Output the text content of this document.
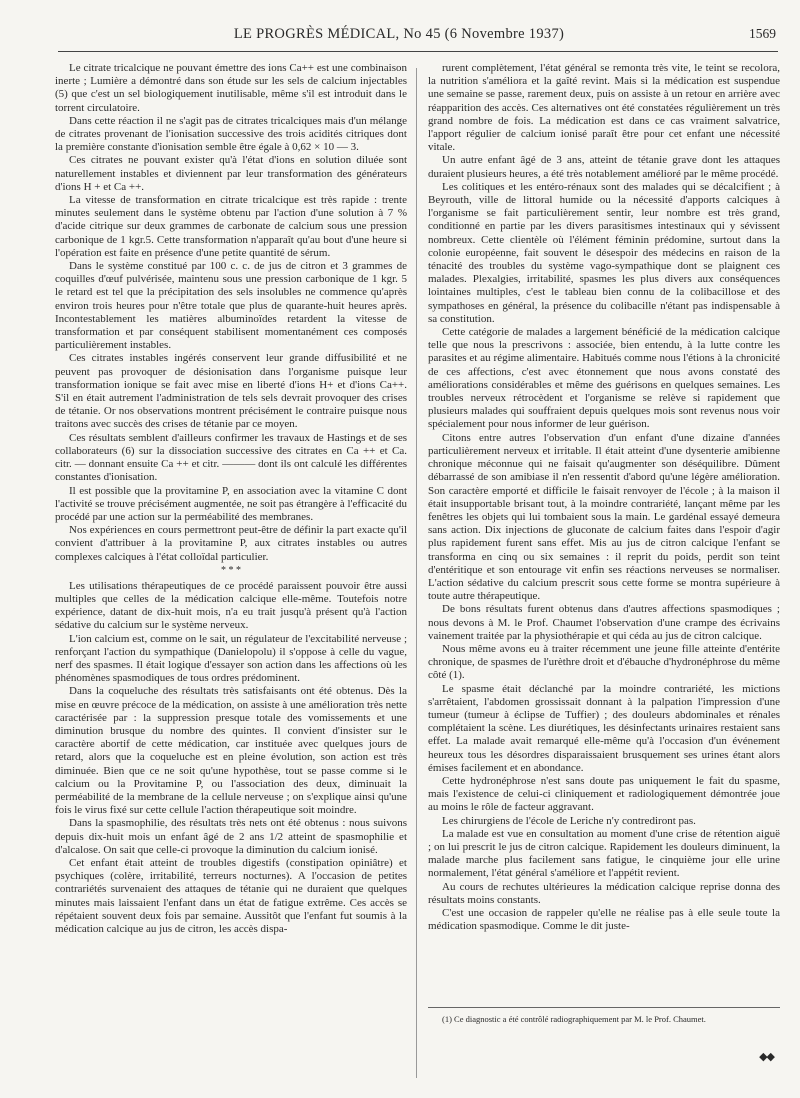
LE PROGRÈS MÉDICAL, No 45 (6 Novembre 1937)	1569

Le citrate tricalcique ne pouvant émettre des ions Ca++ est une combinaison inerte ; Lumière a démontré dans son étude sur les sels de calcium injectables (5) que c'est un sel biologiquement inutilisable, même s'il est introduit dans le torrent circulatoire.

Dans cette réaction il ne s'agit pas de citrates tricalciques mais d'un mélange de citrates provenant de l'ionisation successive des trois acidités citriques dont la première constante d'ionisation semble être égale à 0,62 × 10 — 3.

Ces citrates ne pouvant exister qu'à l'état d'ions en solution diluée sont naturellement instables et diviennent par leur transformation des générateurs d'ions H + et Ca ++.

La vitesse de transformation en citrate tricalcique est très rapide : trente minutes seulement dans le système obtenu par l'action d'une solution à 7 % d'acide citrique sur deux grammes de carbonate de calcium sous une pression carbonique de 1 kgr.5. Cette transformation n'apparaît qu'au bout d'une heure si l'opération est faite en présence d'une petite quantité de sérum.

Dans le système constitué par 100 c. c. de jus de citron et 3 grammes de coquilles d'œuf pulvérisée, maintenu sous une pression carbonique de 1 kgr. 5 le retard est tel que la précipitation des sels insolubles ne commence qu'après environ trois heures pour n'être totale que plus de quarante-huit heures après. Incontestablement les matières albuminoïdes retardent la vitesse de transformation et par conséquent stabilisent momentanément ces composés particulièrement instables.

Ces citrates instables ingérés conservent leur grande diffusibilité et ne peuvent pas provoquer de désionisation dans l'organisme puisque leur transformation ionique se fait avec mise en liberté d'ions H+ et d'ions Ca++. S'il en était autrement l'administration de tels sels devrait provoquer des crises de tétanie. Or nos observations montrent précisément le contraire puisque nous traitons avec succès des crises de tétanie par ce moyen.

Ces résultats semblent d'ailleurs confirmer les travaux de Hastings et de ses collaborateurs (6) sur la dissociation successive des citrates en Ca ++ et Ca. citr. — donnant ensuite Ca ++ et citr. ——— dont ils ont calculé les différentes constantes d'ionisation.

Il est possible que la provitamine P, en association avec la vitamine C dont l'activité se trouve précisément augmentée, ne soit pas étrangère à l'efficacité du procédé par une action sur la perméabilité des membranes.

Nos expériences en cours permettront peut-être de définir la part exacte qu'il convient d'attribuer à la provitamine P, aux citrates instables ou autres complexes calciques à l'état colloïdal particulier.

* * *

Les utilisations thérapeutiques de ce procédé paraissent pouvoir être aussi multiples que celles de la médication calcique elle-même. Toutefois notre expérience, datant de dix-huit mois, n'a eu trait jusqu'à présent qu'à l'action sédative du calcium sur le système nerveux.

L'ion calcium est, comme on le sait, un régulateur de l'excitabilité nerveuse ; renforçant l'action du sympathique (Danielopolu) il s'oppose à celle du vague, nerf des spasmes. Il était logique d'essayer son action dans les affections où les phénomènes spasmodiques de tous ordres prédominent.

Dans la coqueluche des résultats très satisfaisants ont été obtenus. Dès la mise en œuvre précoce de la médication, on assiste à une amélioration très nette caractérisée par : la suppression presque totale des vomissements et une diminution brusque du nombre des quintes. Il convient d'insister sur le caractère abortif de cette médication, car instituée avec quelques jours de retard, alors que la coqueluche est en pleine évolution, son action est très diminuée. Bien que ce ne soit qu'une hypothèse, tout se passe comme si le calcium ou la Provitamine P, ou l'association des deux, diminuait la perméabilité de la membrane de la cellule nerveuse ; on s'explique ainsi qu'une fois le virus fixé sur cette cellule l'action thérapeutique soit moindre.

Dans la spasmophilie, des résultats très nets ont été obtenus : nous suivons depuis dix-huit mois un enfant âgé de 2 ans 1/2 atteint de spasmophilie et d'alcalose. On sait que celle-ci provoque la diminution du calcium ionisé.

Cet enfant était atteint de troubles digestifs (constipation opiniâtre) et psychiques (colère, irritabilité, terreurs nocturnes). A l'occasion de petites contrariétés survenaient des attaques de tétanie qui ne duraient que quelques minutes mais laissaient l'enfant dans un état de fatigue extrême. Ces accès se répétaient souvent deux fois par semaine. Aussitôt que l'enfant fut soumis à la médication calcique au jus de citron, les accès dispa-

rurent complètement, l'état général se remonta très vite, le teint se recolora, la nutrition s'améliora et la gaîté revint. Mais si la médication est suspendue une semaine se passe, rarement deux, puis on assiste à un retour en arrière avec réapparition des accès. Ces alternatives ont été constatées régulièrement un très grand nombre de fois. La médication est dans ce cas vraiment salvatrice, l'apport régulier de calcium ionisé paraît être pour cet enfant une nécessité vitale.

Un autre enfant âgé de 3 ans, atteint de tétanie grave dont les attaques duraient plusieurs heures, a été très notablement amélioré par le même procédé.

Les colitiques et les entéro-rénaux sont des malades qui se décalcifient ; à Beyrouth, ville de littoral humide ou la nécessité d'apports calciques à l'organisme se fait particulièrement sentir, leur nombre est très grand, conditionné en partie par les divers parasitismes intestinaux qui y sévissent nombreux. Cette clientèle où l'élément féminin prédomine, surtout dans la colonie européenne, fait souvent le désespoir des médecins en raison de la ténacité des troubles du système vago-sympathique dont se plaignent ces malades. Plexalgies, irritabilité, spasmes les plus divers aux conséquences lointaines multiples, c'est le tableau bien connu de la colibacillose et des sympathoses en général, la présence du colibacille n'étant pas indispensable à sa constitution.

Cette catégorie de malades a largement bénéficié de la médication calcique telle que nous la prescrivons : associée, bien entendu, à la lutte contre les parasites et au régime alimentaire. Habitués comme nous l'étions à la chronicité de ces affections, c'est avec étonnement que nous avons constaté des améliorations considérables et même des guérisons en quelques semaines. Les troubles nerveux rétrocèdent et l'organisme se relève si rapidement que plusieurs malades qui souffraient depuis quelques mois sont revenus nous voir spécialement pour nous informer de leur guérison.

Citons entre autres l'observation d'un enfant d'une dizaine d'années particulièrement nerveux et irritable. Il était atteint d'une dysenterie amibienne chronique méconnue qui ne faisait qu'augmenter son déséquilibre. Dûment débarrassé de son amibiase il n'en ressentit d'abord qu'une légère amélioration. Son caractère emporté et difficile le faisait renvoyer de l'école ; à la maison il était insupportable brisant tout, à la moindre contrariété, lançant même par les fenêtres les objets qui lui tombaient sous la main. Le gardénal essayé demeura sans action. Dix injections de gluconate de calcium faites dans l'espoir d'agir plus rapidement furent sans effet. Mis au jus de citron calcique l'enfant se transforma en cinq ou six semaines : il reprit du poids, perdit son teint d'entéritique et son entourage vit enfin ses réactions nerveuses se normaliser. L'action sédative du calcium prescrit sous cette forme se montra supérieure à toute autre thérapeutique.

De bons résultats furent obtenus dans d'autres affections spasmodiques ; nous devons à M. le Prof. Chaumet l'observation d'une crampe des écrivains vainement traitée par la physiothérapie et qui céda au jus de citron calcique.

Nous même avons eu à traiter récemment une jeune fille atteinte d'entérite chronique, de spasmes de l'urèthre droit et d'ébauche d'hydronéphrose du même côté (1).

Le spasme était déclanché par la moindre contrariété, les mictions s'arrêtaient, l'abdomen grossissait donnant à la palpation l'impression d'une tumeur (tumeur à éclipse de Tuffier) ; des douleurs abdominales et rénales complétaient la scène. Les diurétiques, les désinfectants urinaires restaient sans effet. La malade avait remarqué elle-même qu'à l'occasion d'un événement heureux tous les désordres disparaissaient brusquement ses urines étant alors émises facilement et en abondance.

Cette hydronéphrose n'est sans doute pas uniquement le fait du spasme, mais l'existence de celui-ci cliniquement et radiologiquement démontrée joue au moins le rôle de facteur aggravant.

Les chirurgiens de l'école de Leriche n'y contrediront pas.

La malade est vue en consultation au moment d'une crise de rétention aiguë ; on lui prescrit le jus de citron calcique. Rapidement les douleurs diminuent, la malade marche plus facilement sans fatigue, le cinquième jour elle urine normalement, l'état général s'améliore et l'appétit revient.

Au cours de rechutes ultérieures la médication calcique reprise donna des résultats moins constants.

C'est une occasion de rappeler qu'elle ne réalise pas à elle seule toute la médication spasmodique. Comme le dit juste-

(1) Ce diagnostic a été contrôlé radiographiquement par M. le Prof. Chaumet.
◆◆
